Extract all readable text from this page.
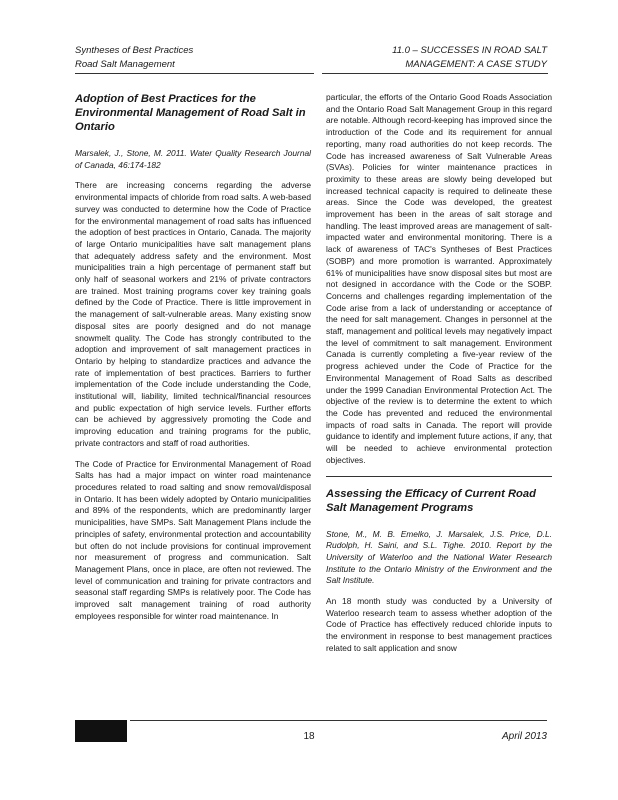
Syntheses of Best Practices
Road Salt Management
11.0 – SUCCESSES IN ROAD SALT
MANAGEMENT: A CASE STUDY
Adoption of Best Practices for the Environmental Management of Road Salt in Ontario

Marsalek, J., Stone, M. 2011. Water Quality Research Journal of Canada, 46:174-182

There are increasing concerns regarding the adverse environmental impacts of chloride from road salts. A web-based survey was conducted to determine how the Code of Practice for the environmental management of road salts has influenced the adoption of best practices in Ontario, Canada. The majority of large Ontario municipalities have salt management plans that adequately address safety and the environment. Most municipalities train a high percentage of permanent staff but only half of seasonal workers and 21% of private contractors are trained. Most training programs cover key training goals defined by the Code of Practice. There is little improvement in the management of salt-vulnerable areas. Many existing snow disposal sites are poorly designed and do not manage snowmelt quality. The Code has strongly contributed to the adoption and improvement of salt management practices in Ontario by helping to standardize practices and advance the rate of implementation of best practices. Barriers to further implementation of the Code include understanding the Code, institutional will, liability, limited technical/financial resources and public expectation of high service levels. Further efforts can be achieved by aggressively promoting the Code and improving education and training programs for the public, private contractors and staff of road authorities.

The Code of Practice for Environmental Management of Road Salts has had a major impact on winter road maintenance procedures related to road salting and snow removal/disposal in Ontario. It has been widely adopted by Ontario municipalities and 89% of the respondents, which are predominantly larger municipalities, have SMPs. Salt Management Plans include the principles of safety, environmental protection and accountability but often do not include provisions for continual improvement nor measurement of progress and communication. Salt Management Plans, once in place, are often not reviewed. The level of communication and training for private contractors and seasonal staff regarding SMPs is relatively poor. The Code has improved salt management training of road authority employees responsible for winter road maintenance. In

particular, the efforts of the Ontario Good Roads Association and the Ontario Road Salt Management Group in this regard are notable. Although record-keeping has improved since the introduction of the Code and its requirement for annual reporting, many road authorities do not keep records. The Code has increased awareness of Salt Vulnerable Areas (SVAs). Policies for winter maintenance practices in proximity to these areas are slowly being developed but increased technical capacity is required to delineate these areas. Since the Code was developed, the greatest improvement has been in the areas of salt storage and handling. The least improved areas are management of salt-impacted water and environmental monitoring. There is a lack of awareness of TAC's Syntheses of Best Practices (SOBP) and more promotion is warranted. Approximately 61% of municipalities have snow disposal sites but most are not designed in accordance with the Code or the SOBP. Concerns and challenges regarding implementation of the Code arise from a lack of understanding or acceptance of the need for salt management. Changes in personnel at the staff, management and political levels may negatively impact the level of commitment to salt management. Environment Canada is currently completing a five-year review of the progress achieved under the Code of Practice for the Environmental Management of Road Salts as described under the 1999 Canadian Environmental Protection Act. The objective of the review is to determine the extent to which the Code has prevented and reduced the environmental impacts of road salts in Canada. The report will provide guidance to identify and implement future actions, if any, that will be needed to achieve environmental protection objectives.

Assessing the Efficacy of Current Road Salt Management Programs

Stone, M., M. B. Emelko, J. Marsalek, J.S. Price, D.L. Rudolph, H. Saini, and S.L. Tighe. 2010. Report by the University of Waterloo and the National Water Research Institute to the Ontario Ministry of the Environment and the Salt Institute.

An 18 month study was conducted by a University of Waterloo research team to assess whether adoption of the Code of Practice has effectively reduced chloride inputs to the environment in response to best management practices related to salt application and snow

18	April 2013
